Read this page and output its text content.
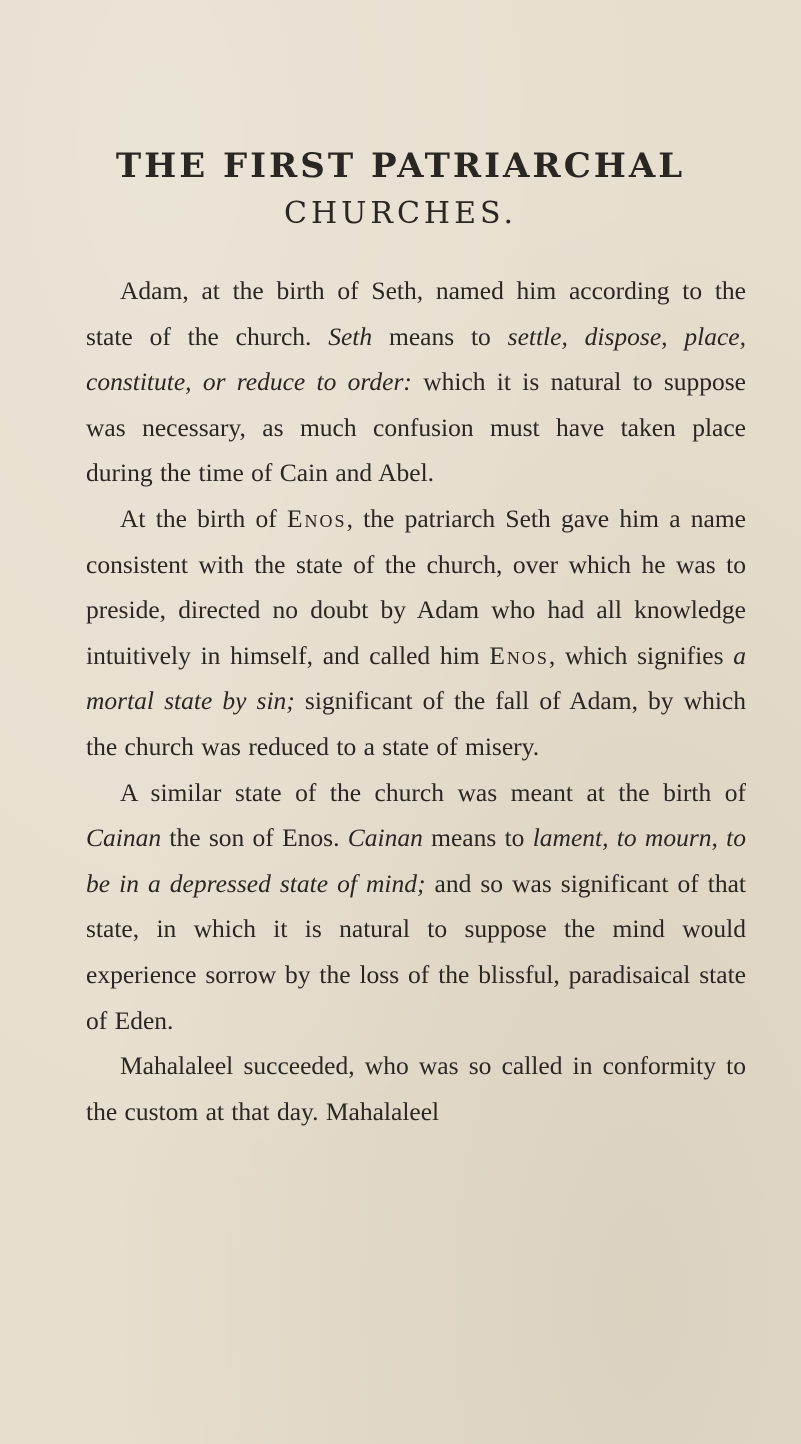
THE FIRST PATRIARCHAL
CHURCHES.

Adam, at the birth of Seth, named him according to the state of the church. Seth means to settle, dispose, place, constitute, or reduce to order: which it is natural to suppose was necessary, as much confusion must have taken place during the time of Cain and Abel.

At the birth of Enos, the patriarch Seth gave him a name consistent with the state of the church, over which he was to preside, directed no doubt by Adam who had all knowledge intuitively in himself, and called him Enos, which signifies a mortal state by sin; significant of the fall of Adam, by which the church was reduced to a state of misery.

A similar state of the church was meant at the birth of Cainan the son of Enos. Cainan means to lament, to mourn, to be in a depressed state of mind; and so was significant of that state, in which it is natural to suppose the mind would experience sorrow by the loss of the blissful, paradisaical state of Eden.

Mahalaleel succeeded, who was so called in conformity to the custom at that day. Mahalaleel
